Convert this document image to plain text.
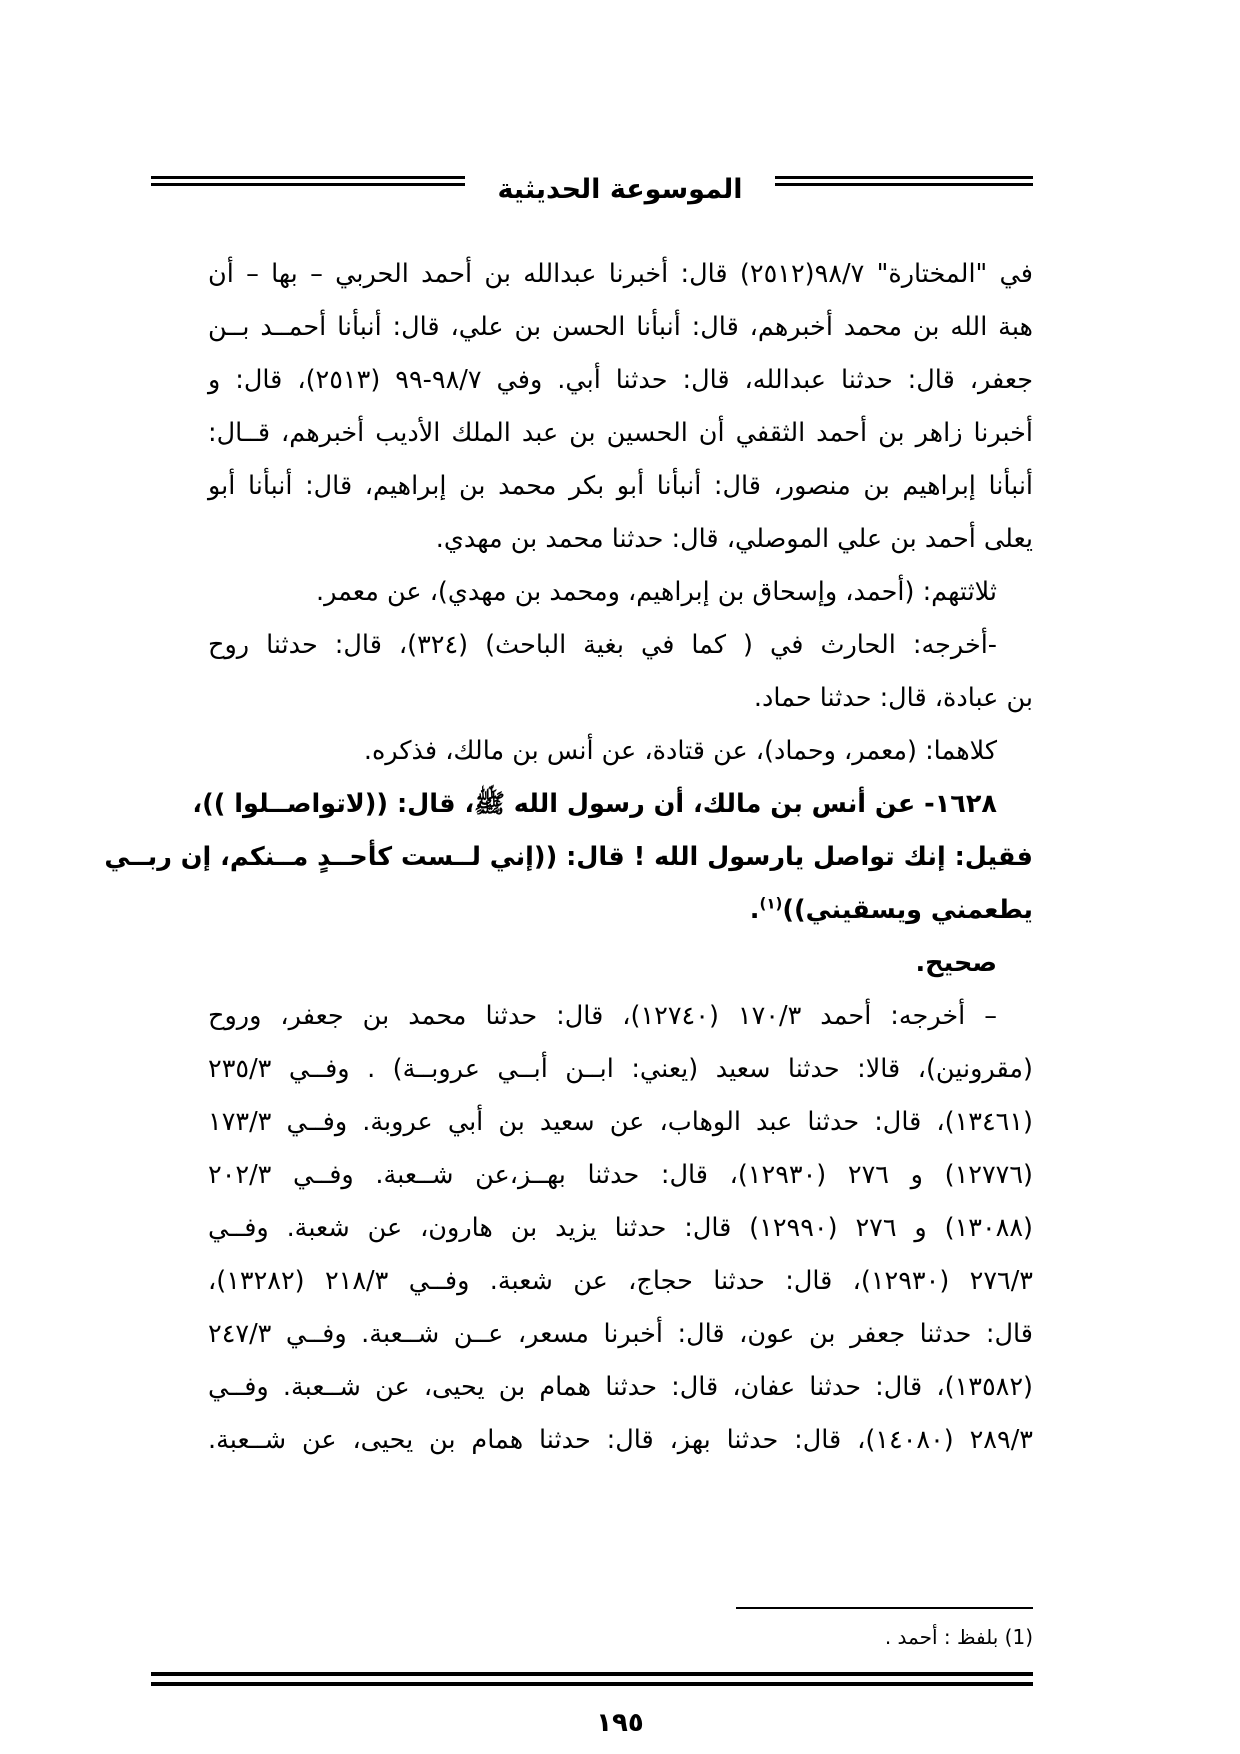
الموسوعة الحديثية
في "المختارة" ٩٨/٧(٢٥١٢) قال: أخبرنا عبدالله بن أحمد الحربي – بها – أن
هبة الله بن محمد أخبرهم، قال: أنبأنا الحسن بن علي، قال: أنبأنا أحمــد بــن
جعفر، قال: حدثنا عبدالله، قال: حدثنا أبي. وفي ٩٨/٧-٩٩ (٢٥١٣)، قال: و
أخبرنا زاهر بن أحمد الثقفي أن الحسين بن عبد الملك الأديب أخبرهم، قــال:
أنبأنا إبراهيم بن منصور، قال: أنبأنا أبو بكر محمد بن إبراهيم، قال: أنبأنا أبو
يعلى أحمد بن علي الموصلي، قال: حدثنا محمد بن مهدي.
ثلاثتهم: (أحمد، وإسحاق بن إبراهيم، ومحمد بن مهدي)، عن معمر.
-أخرجه: الحارث في ( كما في بغية الباحث) (٣٢٤)، قال: حدثنا روح
بن عبادة، قال: حدثنا حماد.
كلاهما: (معمر، وحماد)، عن قتادة، عن أنس بن مالك، فذكره.
١٦٢٨- عن أنس بن مالك، أن رسول الله ﷺ، قال: ((لاتواصــلوا ))،
فقيل: إنك تواصل يارسول الله ! قال: ((إني لــست كأحــدٍ مــنكم، إن ربــي
يطعمني ويسقيني))$^{(١)}$.
صحيح.
– أخرجه: أحمد ١٧٠/٣ (١٢٧٤٠)، قال: حدثنا محمد بن جعفر، وروح
(مقرونين)، قالا: حدثنا سعيد (يعني: ابــن أبــي عروبــة) . وفــي ٢٣٥/٣
(١٣٤٦١)، قال: حدثنا عبد الوهاب، عن سعيد بن أبي عروبة. وفــي ١٧٣/٣
(١٢٧٧٦) و ٢٧٦ (١٢٩٣٠)، قال: حدثنا بهــز،عن شــعبة. وفــي ٢٠٢/٣
(١٣٠٨٨) و ٢٧٦ (١٢٩٩٠) قال: حدثنا يزيد بن هارون، عن شعبة. وفــي
٢٧٦/٣ (١٢٩٣٠)، قال: حدثنا حجاج، عن شعبة. وفــي ٢١٨/٣ (١٣٢٨٢)،
قال: حدثنا جعفر بن عون، قال: أخبرنا مسعر، عــن شــعبة. وفــي ٢٤٧/٣
(١٣٥٨٢)، قال: حدثنا عفان، قال: حدثنا همام بن يحيى، عن شــعبة. وفــي
٢٨٩/٣ (١٤٠٨٠)، قال: حدثنا بهز، قال: حدثنا همام بن يحيى، عن شــعبة.
(1) بلفظ : أحمد .
١٩٥
